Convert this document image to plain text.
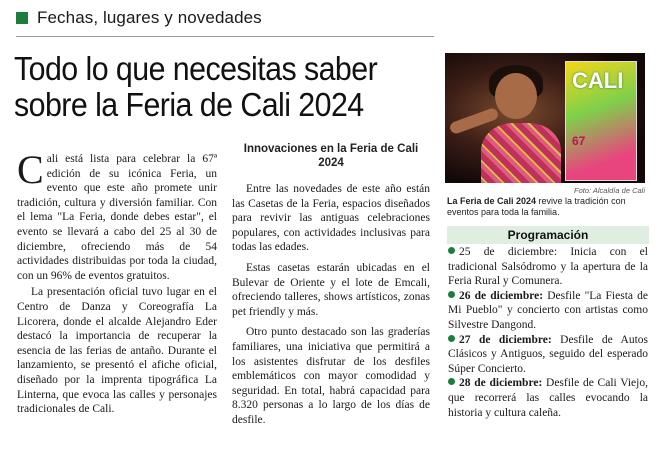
Fechas, lugares y novedades
Todo lo que necesitas saber
sobre la Feria de Cali 2024
CALI
67
Foto: Alcaldía de Cali
La Feria de Cali 2024 revive la tradición con eventos para toda la familia.

Cali está lista para celebrar la 67ª edición de su icónica Feria, un evento que este año promete unir tradición, cultura y diversión familiar. Con el lema "La Feria, donde debes estar", el evento se llevará a cabo del 25 al 30 de diciembre, ofreciendo más de 54 actividades distribuidas por toda la ciudad, con un 96% de eventos gratuitos.

La presentación oficial tuvo lugar en el Centro de Danza y Coreografía La Licorera, donde el alcalde Alejandro Eder destacó la importancia de recuperar la esencia de las ferias de antaño. Durante el lanzamiento, se presentó el afiche oficial, diseñado por la imprenta tipográfica La Linterna, que evoca las calles y personajes tradicionales de Cali.

Innovaciones en la Feria de Cali 2024

Entre las novedades de este año están las Casetas de la Feria, espacios diseñados para revivir las antiguas celebraciones populares, con actividades inclusivas para todas las edades.

Estas casetas estarán ubicadas en el Bulevar de Oriente y el lote de Emcali, ofreciendo talleres, shows artísticos, zonas pet friendly y más.

Otro punto destacado son las graderías familiares, una iniciativa que permitirá a los asistentes disfrutar de los desfiles emblemáticos con mayor comodidad y seguridad. En total, habrá capacidad para 8.320 personas a lo largo de los días de desfile.

Programación

25 de diciembre: Inicia con el tradicional Salsódromo y la apertura de la Feria Rural y Comunera.

26 de diciembre: Desfile "La Fiesta de Mi Pueblo" y concierto con artistas como Silvestre Dangond.

27 de diciembre: Desfile de Autos Clásicos y Antiguos, seguido del esperado Súper Concierto.

28 de diciembre: Desfile de Cali Viejo, que recorrerá las calles evocando la historia y cultura caleña.
